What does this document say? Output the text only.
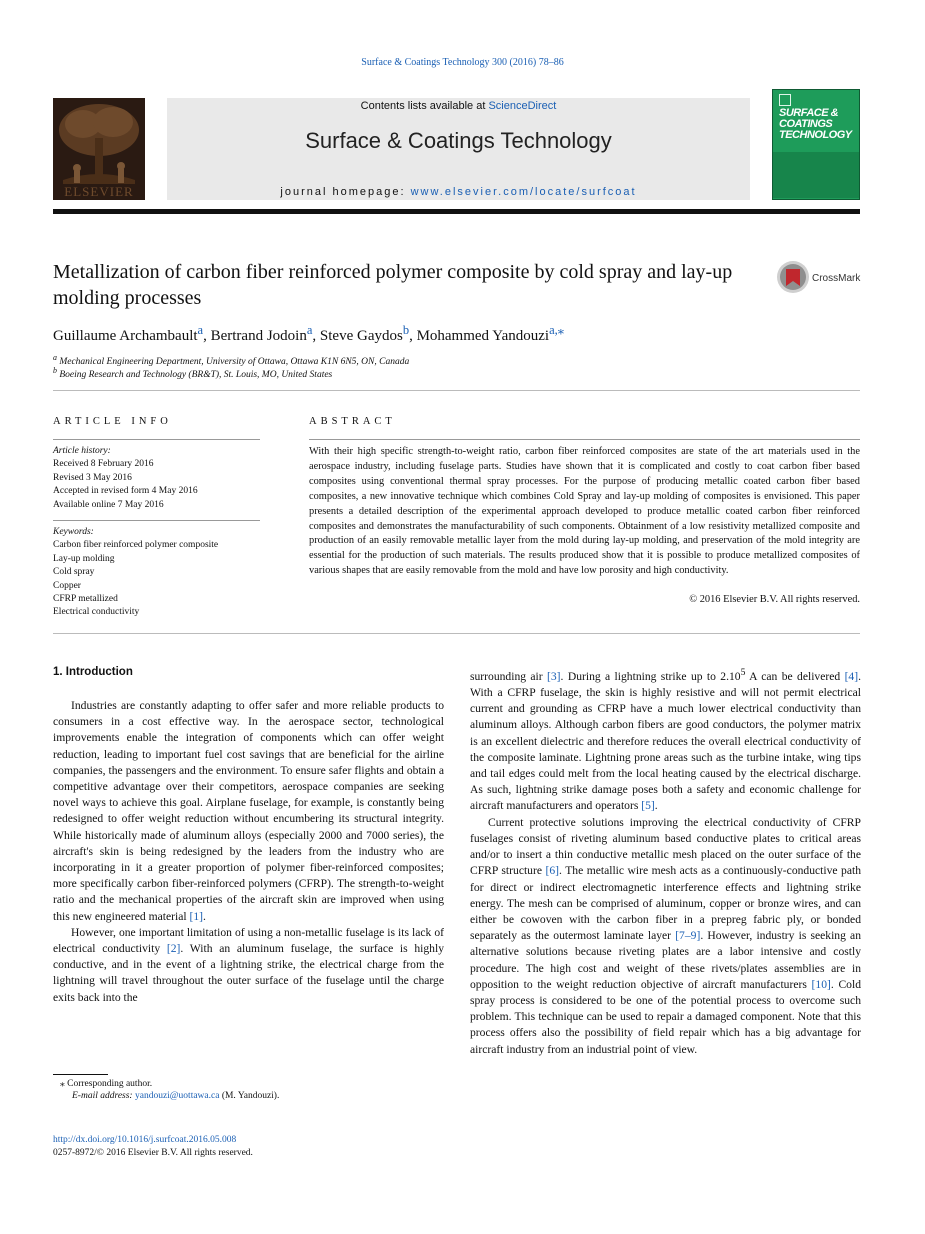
Surface & Coatings Technology 300 (2016) 78–86
ELSEVIER
Contents lists available at ScienceDirect
Surface & Coatings Technology
journal homepage: www.elsevier.com/locate/surfcoat
SURFACE & COATINGS TECHNOLOGY
Metallization of carbon fiber reinforced polymer composite by cold spray and lay-up molding processes
CrossMark
Guillaume Archambault$^a$, Bertrand Jodoin$^a$, Steve Gaydos$^b$, Mohammed Yandouzi$^{a,⁎}$
$^a$ Mechanical Engineering Department, University of Ottawa, Ottawa K1N 6N5, ON, Canada
$^b$ Boeing Research and Technology (BR&T), St. Louis, MO, United States
ARTICLE INFO	ABSTRACT
Article history:
Received 8 February 2016
Revised 3 May 2016
Accepted in revised form 4 May 2016
Available online 7 May 2016
Keywords:
Carbon fiber reinforced polymer composite
Lay-up molding
Cold spray
Copper
CFRP metallized
Electrical conductivity
With their high specific strength-to-weight ratio, carbon fiber reinforced composites are state of the art materials used in the aerospace industry, including fuselage parts. Studies have shown that it is complicated and costly to coat carbon fiber based composites using conventional thermal spray processes. For the purpose of producing metallic coated carbon fiber based composites, a new innovative technique which combines Cold Spray and lay-up molding of composites is envisioned. This paper presents a detailed description of the experimental approach developed to produce metallic coated carbon fiber reinforced composites and demonstrates the manufacturability of such components. Obtainment of a low resistivity metallized composite and production of an easily removable metallic layer from the mold during lay-up molding, and preservation of the mold integrity are essential for the production of such materials. The results produced show that it is possible to produce metallized composites of various shapes that are easily removable from the mold and have low porosity and high conductivity.
© 2016 Elsevier B.V. All rights reserved.
1. Introduction

Industries are constantly adapting to offer safer and more reliable products to consumers in a cost effective way. In the aerospace sector, technological improvements enable the integration of components which can offer weight reduction, leading to important fuel cost savings that are beneficial for the airline companies, the passengers and the environment. To ensure safer flights and obtain a competitive advantage over their competitors, aerospace companies are seeking novel ways to achieve this goal. Airplane fuselage, for example, is constantly being redesigned to offer weight reduction without encumbering its structural integrity. While historically made of aluminum alloys (especially 2000 and 7000 series), the aircraft's skin is being redesigned by the leaders from the industry who are incorporating in it a greater proportion of polymer fiber-reinforced composites; more specifically carbon fiber-reinforced polymers (CFRP). The strength-to-weight ratio and the mechanical properties of the aircraft skin are improved when using this new engineered material [1].

However, one important limitation of using a non-metallic fuselage is its lack of electrical conductivity [2]. With an aluminum fuselage, the surface is highly conductive, and in the event of a lightning strike, the electrical charge from the lightning will travel throughout the outer surface of the fuselage until the charge exits back into the

surrounding air [3]. During a lightning strike up to 2.10$^5$ A can be delivered [4]. With a CFRP fuselage, the skin is highly resistive and will not permit electrical current and grounding as CFRP have a much lower electrical conductivity than aluminum alloys. Although carbon fibers are good conductors, the polymer matrix is an excellent dielectric and therefore reduces the overall electrical conductivity of the composite laminate. Lightning prone areas such as the turbine intake, wing tips and tail edges could melt from the local heating caused by the electrical discharge. As such, lightning strike damage poses both a safety and economic challenge for aircraft manufacturers and operators [5].

Current protective solutions improving the electrical conductivity of CFRP fuselages consist of riveting aluminum based conductive plates to critical areas and/or to insert a thin conductive metallic mesh placed on the outer surface of the CFRP structure [6]. The metallic wire mesh acts as a continuously-conductive path for direct or indirect electromagnetic interference effects and lightning strike energy. The mesh can be comprised of aluminum, copper or bronze wires, and can either be cowoven with the carbon fiber in a prepreg fabric ply, or bonded separately as the outermost laminate layer [7–9]. However, industry is seeking an alternative solutions because riveting plates are a labor intensive and costly procedure. The high cost and weight of these rivets/plates assemblies are in opposition to the weight reduction objective of aircraft manufacturers [10]. Cold spray process is considered to be one of the potential process to overcome such problem. This technique can be used to repair a damaged component. Note that this process offers also the possibility of field repair which has a big advantage for aircraft industry from an industrial point of view.

⁎ Corresponding author.
E-mail address: yandouzi@uottawa.ca (M. Yandouzi).
http://dx.doi.org/10.1016/j.surfcoat.2016.05.008
0257-8972/© 2016 Elsevier B.V. All rights reserved.
